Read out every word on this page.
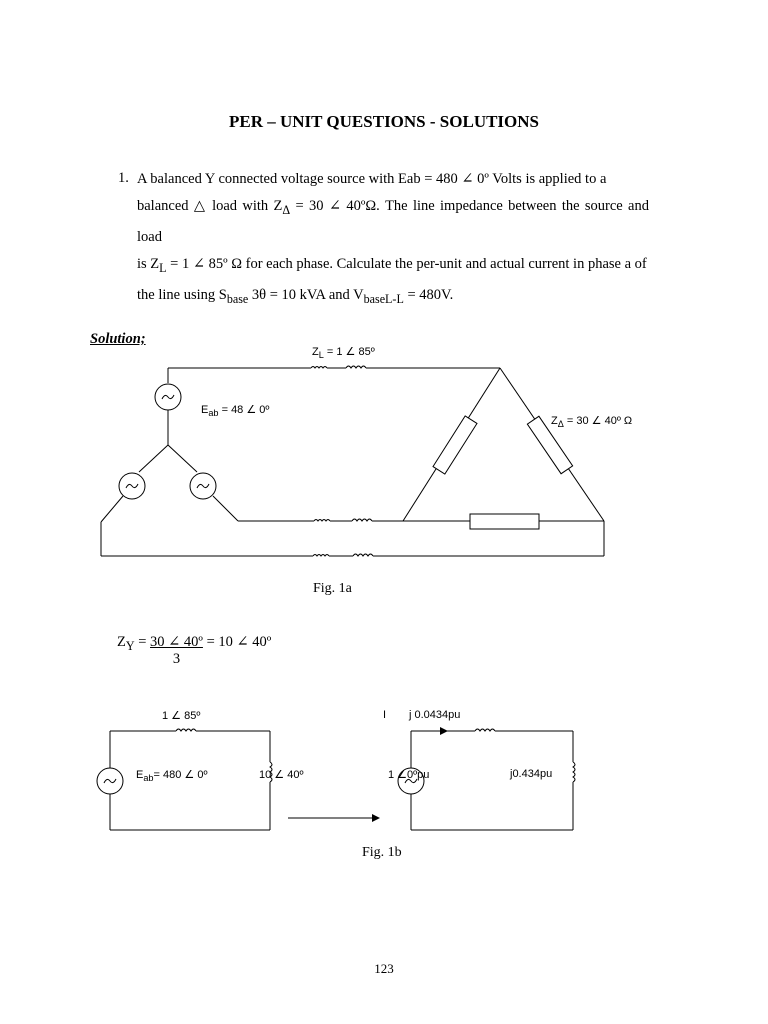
PER – UNIT QUESTIONS - SOLUTIONS
1. A balanced Y connected voltage source with Eab = 480 ∠ 0º Volts is applied to a
balanced △ load with $Z_\Delta = 30$ ∠ 40ºΩ. The line impedance between the source and load
is $Z_L = 1$ ∠ 85º Ω for each phase. Calculate the per-unit and actual current in phase a of
the line using $S_{base}$ 3θ = 10 kVA and $V_{baseL-L} = 480V$.
Solution;
$Z_L = 1$ ∠ 85º
$E_{ab} = 48$ ∠ 0º
$Z_\Delta = 30$ ∠ 40º Ω
Fig. 1a
$Z_Y = \frac{\text{30 ∠ 40º}}{3} = 10$ ∠ 40º
1 ∠ 85º
$E_{ab}= 480$ ∠ 0º	10 ∠ 40º
I j 0.0434pu
1 ∠0ºpu	j0.434pu
Fig. 1b
123
